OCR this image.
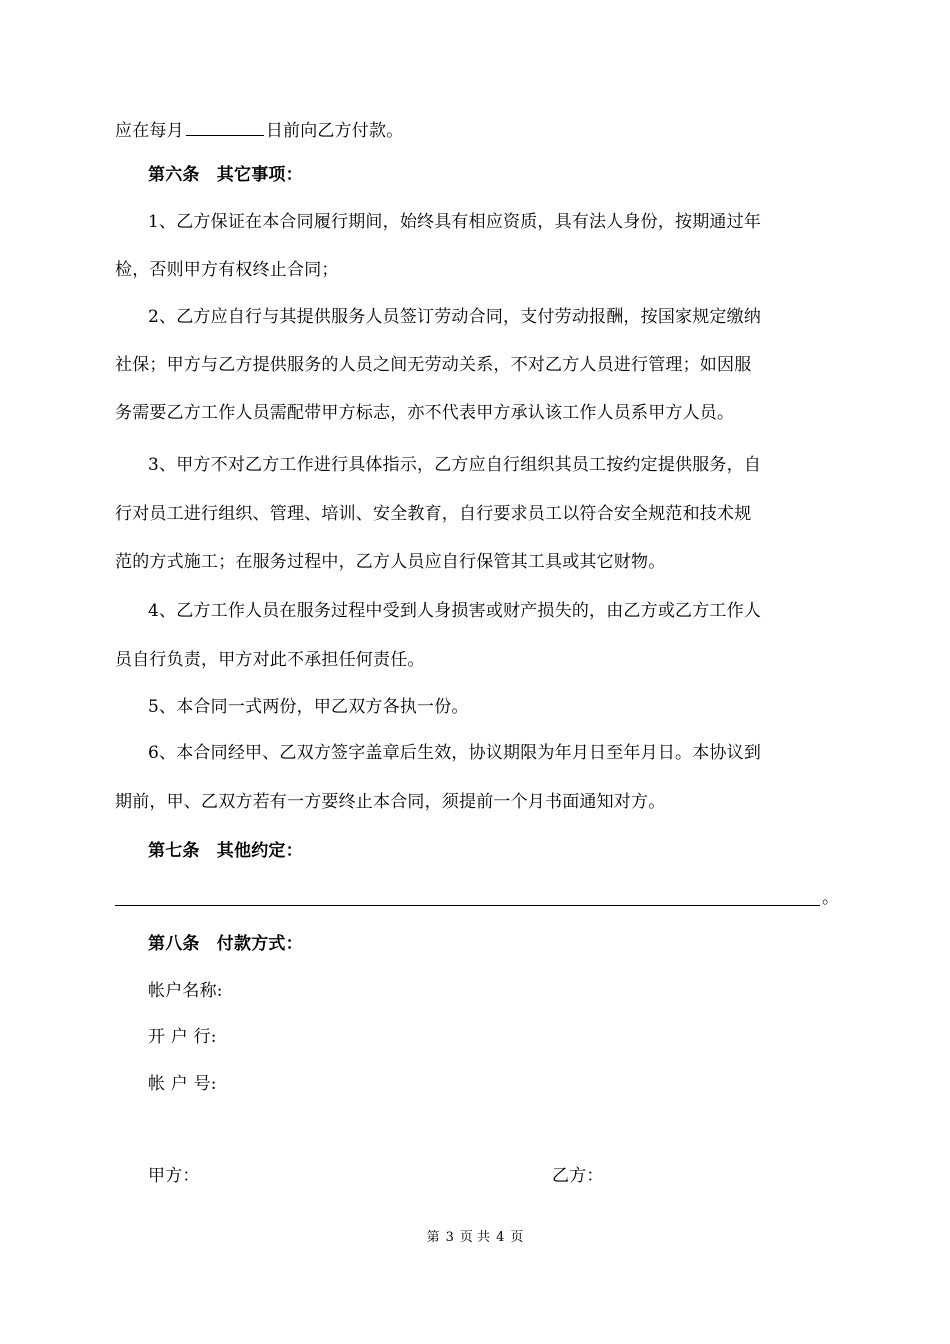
应在每月	日前向乙方付款。
第六条　其它事项：
1、乙方保证在本合同履行期间，始终具有相应资质，具有法人身份，按期通过年
检，否则甲方有权终止合同；
2、乙方应自行与其提供服务人员签订劳动合同，支付劳动报酬，按国家规定缴纳
社保；甲方与乙方提供服务的人员之间无劳动关系，不对乙方人员进行管理；如因服
务需要乙方工作人员需配带甲方标志，亦不代表甲方承认该工作人员系甲方人员。
3、甲方不对乙方工作进行具体指示，乙方应自行组织其员工按约定提供服务，自
行对员工进行组织、管理、培训、安全教育，自行要求员工以符合安全规范和技术规
范的方式施工；在服务过程中，乙方人员应自行保管其工具或其它财物。
4、乙方工作人员在服务过程中受到人身损害或财产损失的，由乙方或乙方工作人
员自行负责，甲方对此不承担任何责任。
5、本合同一式两份，甲乙双方各执一份。
6、本合同经甲、乙双方签字盖章后生效，协议期限为年月日至年月日。本协议到
期前，甲、乙双方若有一方要终止本合同，须提前一个月书面通知对方。
第七条　其他约定：
。
第八条　付款方式：
帐户名称:
开 户 行:
帐 户 号:
甲方：	乙方：
第 3 页 共 4 页
